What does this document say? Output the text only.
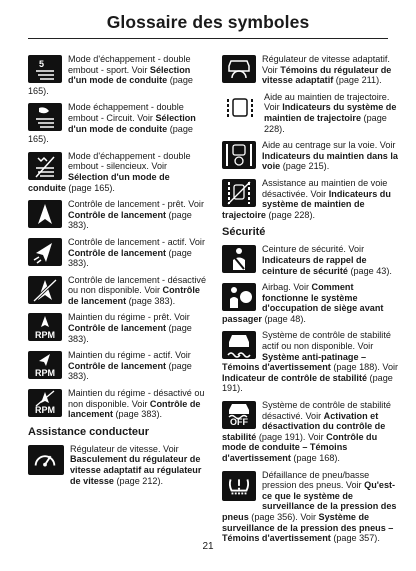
Glossaire des symboles
5	Mode d'échappement - double embout - sport. Voir Sélection d'un mode de conduite (page 165).
Mode échappement - double embout - Circuit. Voir Sélection d'un mode de conduite (page 165).
Mode d'échappement - double embout - silencieux. Voir Sélection d'un mode de conduite (page 165).
Contrôle de lancement - prêt. Voir Contrôle de lancement (page 383).
Contrôle de lancement - actif. Voir Contrôle de lancement (page 383).
Contrôle de lancement - désactivé ou non disponible. Voir Contrôle de lancement (page 383).
RPM
Maintien du régime - prêt. Voir Contrôle de lancement (page 383).
RPM
Maintien du régime - actif. Voir Contrôle de lancement (page 383).
RPM
Maintien du régime - désactivé ou non disponible. Voir Contrôle de lancement (page 383).
Assistance conducteur
Régulateur de vitesse. Voir Basculement du régulateur de vitesse adaptatif au régulateur de vitesse (page 212).
Régulateur de vitesse adaptatif. Voir Témoins du régulateur de vitesse adaptatif (page 211).
Aide au maintien de trajectoire. Voir Indicateurs du système de maintien de trajectoire (page 228).
Aide au centrage sur la voie. Voir Indicateurs du maintien dans la voie (page 215).
Assistance au maintien de voie désactivée. Voir Indicateurs du système de maintien de trajectoire (page 228).
Sécurité
Ceinture de sécurité. Voir Indicateurs de rappel de ceinture de sécurité (page 43).
Airbag. Voir Comment fonctionne le système d'occupation de siège avant passager (page 48).
Système de contrôle de stabilité actif ou non disponible. Voir Système anti-patinage – Témoins d'avertissement (page 188). Voir Indicateur de contrôle de stabilité (page 191).
OFF
Système de contrôle de stabilité désactivé. Voir Activation et désactivation du contrôle de stabilité (page 191). Voir Contrôle du mode de conduite – Témoins d'avertissement (page 168).
Défaillance de pneu/basse pression des pneus. Voir Qu'est-ce que le système de surveillance de la pression des pneus (page 356). Voir Système de surveillance de la pression des pneus – Témoins d'avertissement (page 357).
21
